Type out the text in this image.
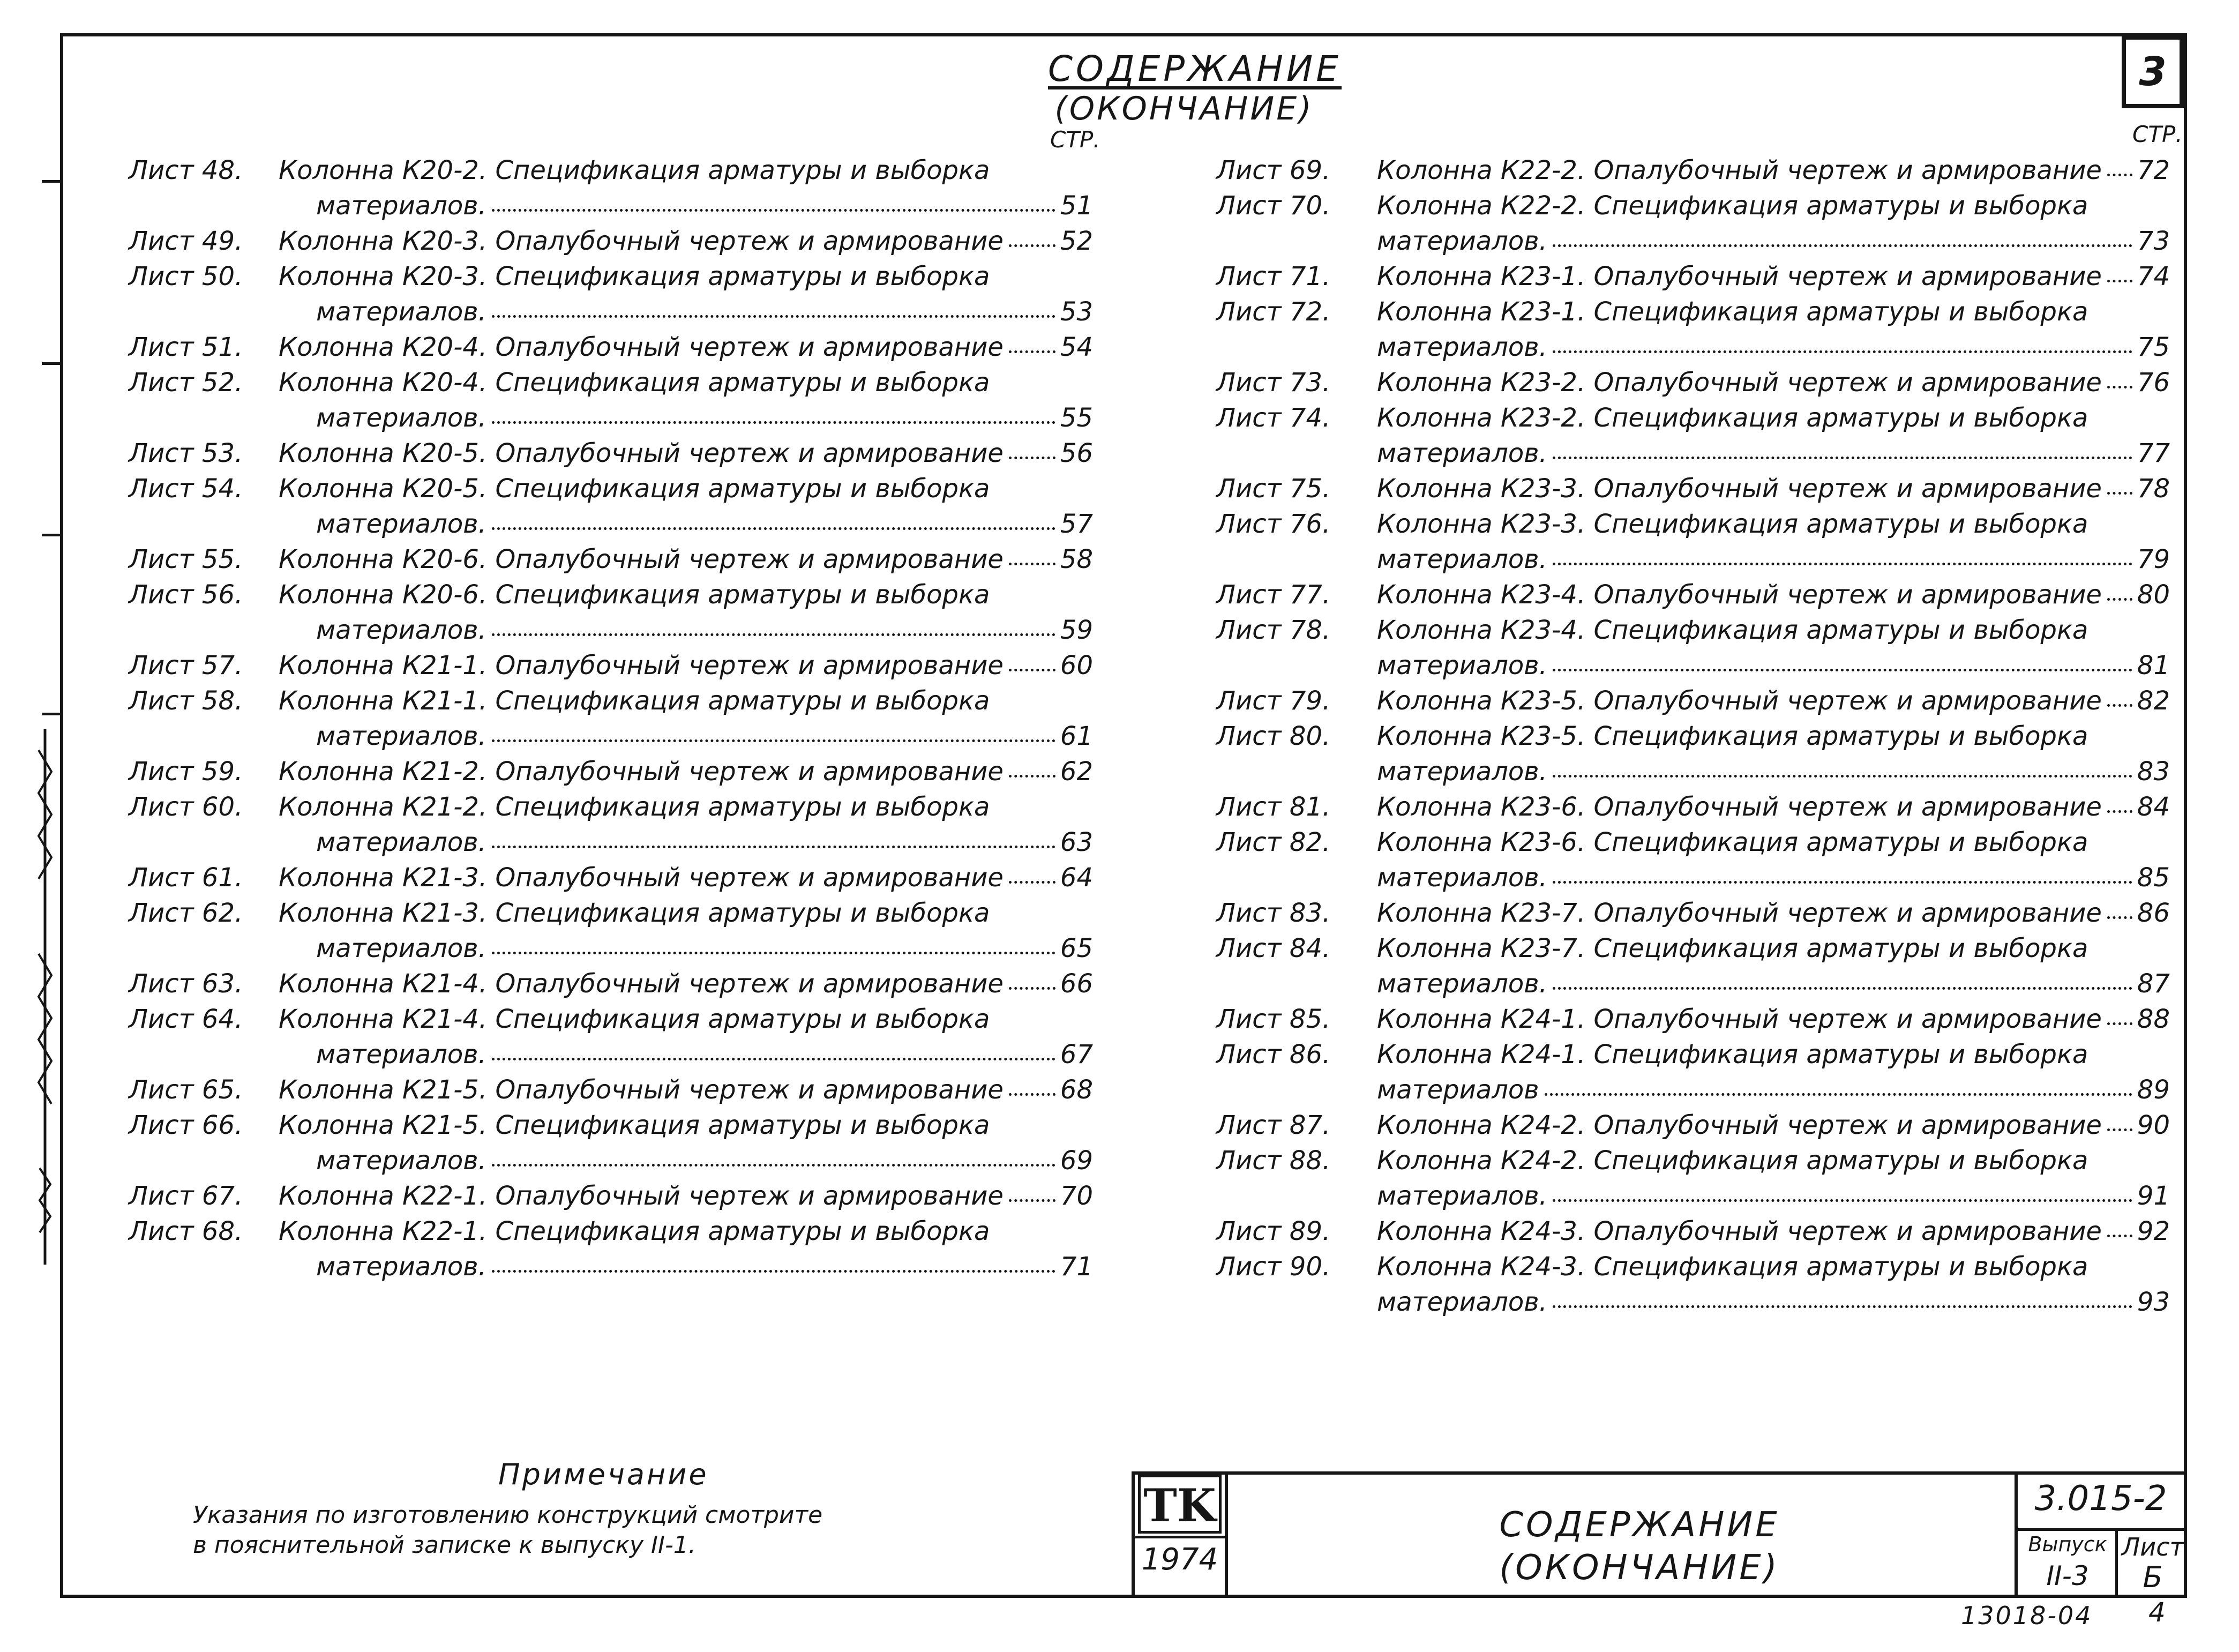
СОДЕРЖАНИЕ
(ОКОНЧАНИЕ)
3
СТР.	СТР.
Лист 48. Колонна К20-2. Спецификация арматуры и выборка
материалов.	51
Лист 49. Колонна К20-3. Опалубочный чертеж и армирование	52
Лист 50. Колонна К20-3. Спецификация арматуры и выборка
материалов.	53
Лист 51. Колонна К20-4. Опалубочный чертеж и армирование	54
Лист 52. Колонна К20-4. Спецификация арматуры и выборка
материалов.	55
Лист 53. Колонна К20-5. Опалубочный чертеж и армирование	56
Лист 54. Колонна К20-5. Спецификация арматуры и выборка
материалов.	57
Лист 55. Колонна К20-6. Опалубочный чертеж и армирование	58
Лист 56. Колонна К20-6. Спецификация арматуры и выборка
материалов.	59
Лист 57. Колонна К21-1. Опалубочный чертеж и армирование	60
Лист 58. Колонна К21-1. Спецификация арматуры и выборка
материалов.	61
Лист 59. Колонна К21-2. Опалубочный чертеж и армирование	62
Лист 60. Колонна К21-2. Спецификация арматуры и выборка
материалов.	63
Лист 61. Колонна К21-3. Опалубочный чертеж и армирование	64
Лист 62. Колонна К21-3. Спецификация арматуры и выборка
материалов.	65
Лист 63. Колонна К21-4. Опалубочный чертеж и армирование	66
Лист 64. Колонна К21-4. Спецификация арматуры и выборка
материалов.	67
Лист 65. Колонна К21-5. Опалубочный чертеж и армирование	68
Лист 66. Колонна К21-5. Спецификация арматуры и выборка
материалов.	69
Лист 67. Колонна К22-1. Опалубочный чертеж и армирование	70
Лист 68. Колонна К22-1. Спецификация арматуры и выборка
материалов.	71
Лист 69. Колонна К22-2. Опалубочный чертеж и армирование	72
Лист 70. Колонна К22-2. Спецификация арматуры и выборка
материалов.	73
Лист 71. Колонна К23-1. Опалубочный чертеж и армирование	74
Лист 72. Колонна К23-1. Спецификация арматуры и выборка
материалов.	75
Лист 73. Колонна К23-2. Опалубочный чертеж и армирование	76
Лист 74. Колонна К23-2. Спецификация арматуры и выборка
материалов.	77
Лист 75. Колонна К23-3. Опалубочный чертеж и армирование	78
Лист 76. Колонна К23-3. Спецификация арматуры и выборка
материалов.	79
Лист 77. Колонна К23-4. Опалубочный чертеж и армирование	80
Лист 78. Колонна К23-4. Спецификация арматуры и выборка
материалов.	81
Лист 79. Колонна К23-5. Опалубочный чертеж и армирование	82
Лист 80. Колонна К23-5. Спецификация арматуры и выборка
материалов.	83
Лист 81. Колонна К23-6. Опалубочный чертеж и армирование	84
Лист 82. Колонна К23-6. Спецификация арматуры и выборка
материалов.	85
Лист 83. Колонна К23-7. Опалубочный чертеж и армирование	86
Лист 84. Колонна К23-7. Спецификация арматуры и выборка
материалов.	87
Лист 85. Колонна К24-1. Опалубочный чертеж и армирование	88
Лист 86. Колонна К24-1. Спецификация арматуры и выборка
материалов	89
Лист 87. Колонна К24-2. Опалубочный чертеж и армирование	90
Лист 88. Колонна К24-2. Спецификация арматуры и выборка
материалов.	91
Лист 89. Колонна К24-3. Опалубочный чертеж и армирование	92
Лист 90. Колонна К24-3. Спецификация арматуры и выборка
материалов.	93
Примечание
Указания по изготовлению конструкций смотрите
в пояснительной записке к выпуску II-1.
TK
1974
СОДЕРЖАНИЕ
(ОКОНЧАНИЕ)
3.015-2
Выпуск
II-3
Лист
Б
13018-04 4
